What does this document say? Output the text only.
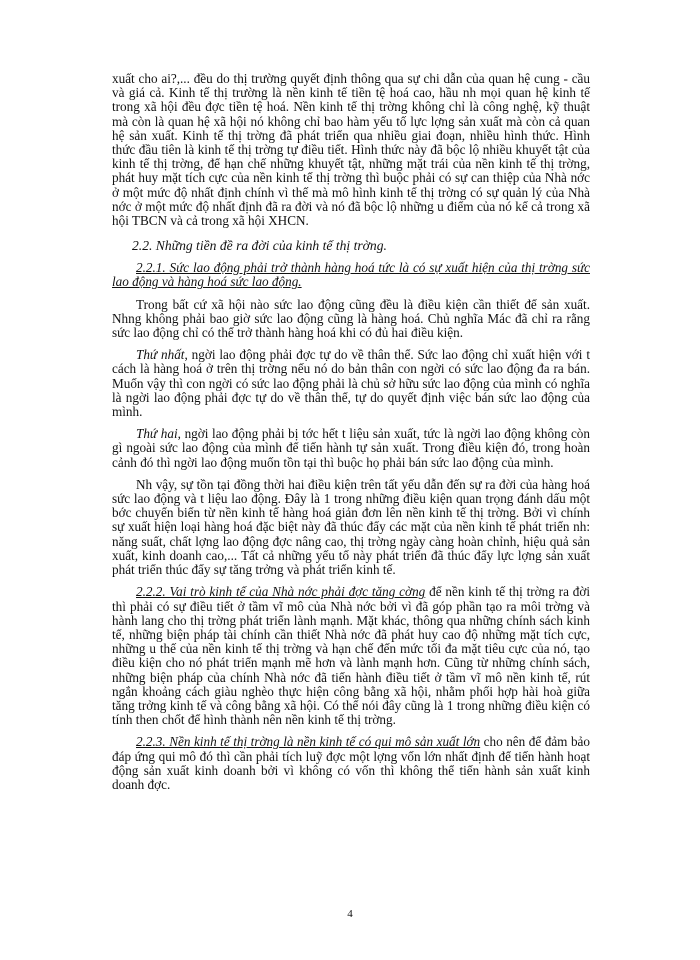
xuất cho ai?,... đều do thị trường quyết định thông qua sự chi dẫn của quan hệ cung - cầu và giá cả. Kinh tế thị trường là nền kinh tế tiền tệ hoá cao, hầu nh mọi quan hệ kinh tế trong xã hội đều đợc tiền tệ hoá. Nền kinh tế thị trờng không chỉ là công nghệ, kỹ thuật mà còn là quan hệ xã hội nó không chỉ bao hàm yếu tố lực lợng sản xuất mà còn cả quan hệ sản xuất. Kinh tế thị trờng đã phát triển qua nhiều giai đoạn, nhiều hình thức. Hình thức đầu tiên là kinh tế thị trờng tự điều tiết. Hình thức này đã bộc lộ nhiều khuyết tật của kinh tế thị trờng, để hạn chế những khuyết tật, những mặt trái của nền kinh tế thị trờng, phát huy mặt tích cực của nền kinh tế thị trờng thì buộc phải có sự can thiệp của Nhà nớc ở một mức độ nhất định chính vì thế mà mô hình kinh tế thị trờng có sự quản lý của Nhà nớc ở một mức độ nhất định đã ra đời và nó đã bộc lộ những u điểm của nó kể cả trong xã hội TBCN và cả trong xã hội XHCN.

2.2. Những tiền đề ra đời của kinh tế thị trờng.

2.2.1. Sức lao động phải trở thành hàng hoá tức là có sự xuất hiện của thị trờng sức lao động và hàng hoá sức lao động.

Trong bất cứ xã hội nào sức lao động cũng đều là điều kiện cần thiết để sản xuất. Nhng không phải bao giờ sức lao động cũng là hàng hoá. Chủ nghĩa Mác đã chỉ ra rằng sức lao động chỉ có thể trở thành hàng hoá khi có đủ hai điều kiện.

Thứ nhất, ngời lao động phải đợc tự do về thân thể. Sức lao động chỉ xuất hiện với t cách là hàng hoá ở trên thị trờng nếu nó do bản thân con ngời có sức lao động đa ra bán. Muốn vậy thì con ngời có sức lao động phải là chủ sở hữu sức lao động của mình có nghĩa là ngời lao động phải đợc tự do về thân thể, tự do quyết định việc bán sức lao động của mình.

Thứ hai, ngời lao động phải bị tớc hết t liệu sản xuất, tức là ngời lao động không còn gì ngoài sức lao động của mình để tiến hành tự sản xuất. Trong điều kiện đó, trong hoàn cảnh đó thì ngời lao động muốn tồn tại thì buộc họ phải bán sức lao động của mình.

Nh vậy, sự tồn tại đồng thời hai điều kiện trên tất yếu dẫn đến sự ra đời của hàng hoá sức lao động và t liệu lao động. Đây là 1 trong những điều kiện quan trọng đánh dấu một bớc chuyển biến từ nền kinh tế hàng hoá giản đơn lên nền kinh tế thị trờng. Bởi vì chính sự xuất hiện loại hàng hoá đặc biệt này đã thúc đẩy các mặt của nền kinh tế phát triển nh: năng suất, chất lợng lao động đợc nâng cao, thị trờng ngày càng hoàn chỉnh, hiệu quả sản xuất, kinh doanh cao,... Tất cả những yếu tố này phát triển đã thúc đẩy lực lợng sản xuất phát triển thúc đẩy sự tăng trởng và phát triển kinh tế.

2.2.2. Vai trò kinh tế của Nhà nớc phải đợc tăng cờng để nền kinh tế thị trờng ra đời thì phải có sự điều tiết ở tầm vĩ mô của Nhà nớc bởi vì đã góp phần tạo ra môi trờng và hành lang cho thị trờng phát triển lành mạnh. Mặt khác, thông qua những chính sách kinh tế, những biện pháp tài chính cần thiết Nhà nớc đã phát huy cao độ những mặt tích cực, những u thế của nền kinh tế thị trờng và hạn chế đến mức tối đa mặt tiêu cực của nó, tạo điều kiện cho nó phát triển mạnh mẽ hơn và lành mạnh hơn. Cũng từ những chính sách, những biện pháp của chính Nhà nớc đã tiến hành điều tiết ở tầm vĩ mô nền kinh tế, rút ngắn khoảng cách giàu nghèo thực hiện công bằng xã hội, nhằm phối hợp hài hoà giữa tăng trởng kinh tế và công bằng xã hội. Có thể nói đây cũng là 1 trong những điều kiện có tính then chốt để hình thành nên nền kinh tế thị trờng.

2.2.3. Nền kinh tế thị trờng là nền kinh tế có qui mô sản xuất lớn cho nên để đảm bảo đáp ứng qui mô đó thì cần phải tích luỹ đợc một lợng vốn lớn nhất định để tiến hành hoạt động sản xuất kinh doanh bởi vì không có vốn thì không thể tiến hành sản xuất kinh doanh đợc.

4
